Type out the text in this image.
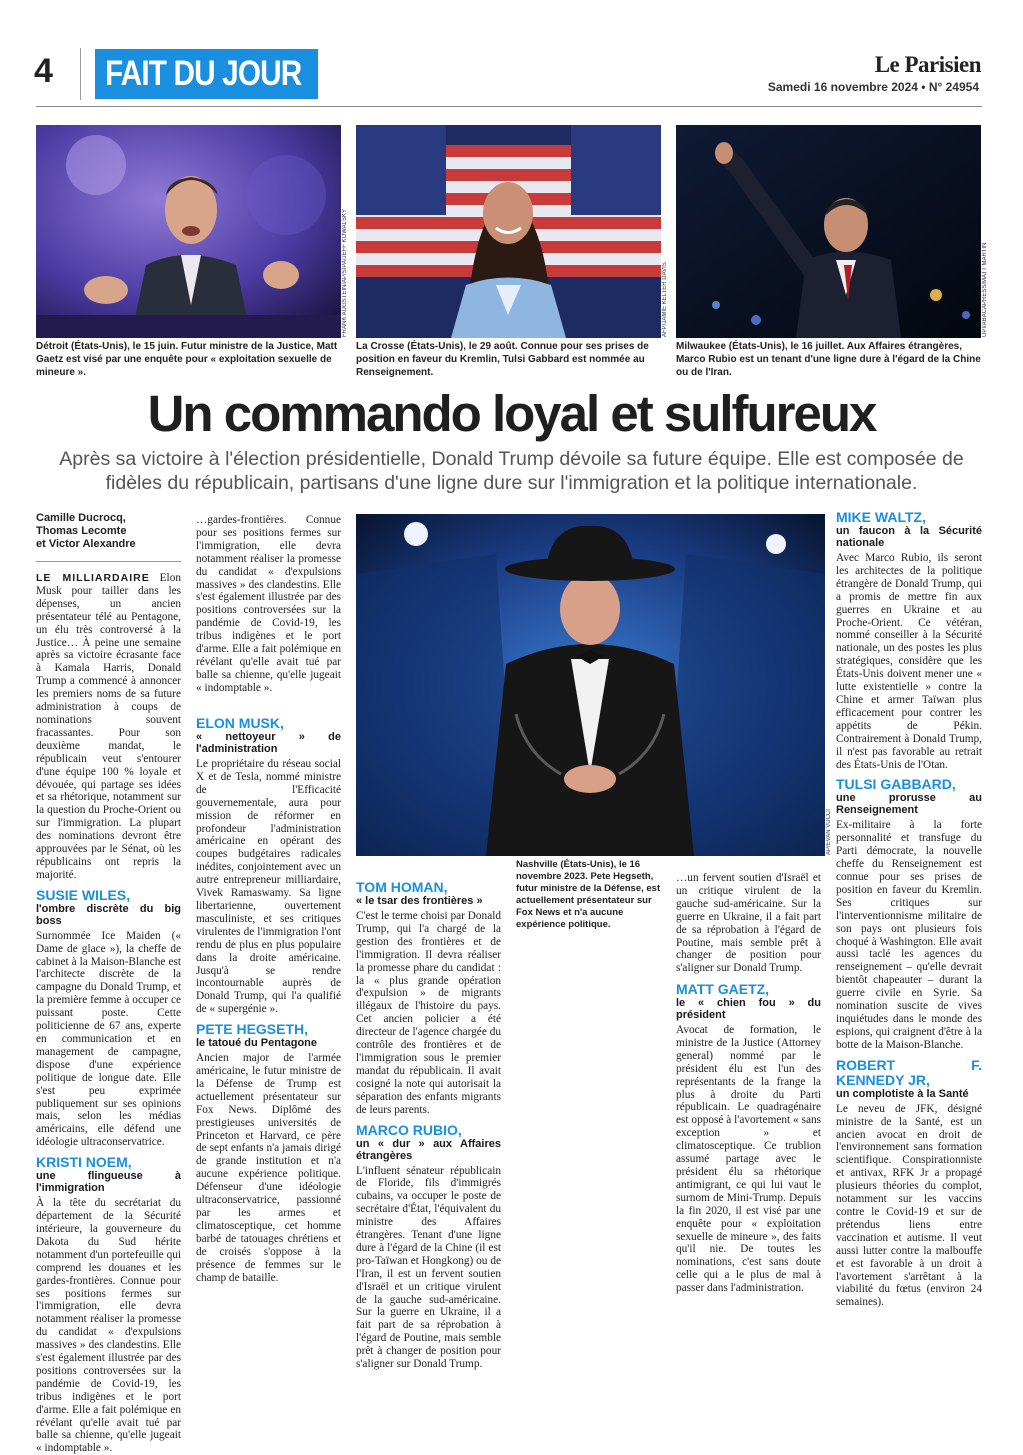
4 FAIT DU JOUR	Le Parisien
Samedi 16 novembre 2024 • N° 24954
FRANK AUGSTEIN/AP/SIPA/JEFF KOWALSKY
Détroit (États-Unis), le 15 juin. Futur ministre de la Justice, Matt Gaetz est visé par une enquête pour « exploitation sexuelle de mineure ».
AFP/JAMIE KELTER DAVIS
La Crosse (États-Unis), le 29 août. Connue pour ses prises de position en faveur du Kremlin, Tulsi Gabbard est nommée au Renseignement.
UPI/ABACAPRESS/MATT MARTIN
Milwaukee (États-Unis), le 16 juillet. Aux Affaires étrangères, Marco Rubio est un tenant d'une ligne dure à l'égard de la Chine ou de l'Iran.
Un commando loyal et sulfureux

Après sa victoire à l'élection présidentielle, Donald Trump dévoile sa future équipe. Elle est composée de fidèles du républicain, partisans d'une ligne dure sur l'immigration et la politique internationale.

Camille Ducrocq,
Thomas Lecomte
et Victor Alexandre

LE MILLIARDAIRE Elon Musk pour tailler dans les dépenses, un ancien présentateur télé au Pentagone, un élu très controversé à la Justice… À peine une semaine après sa victoire écrasante face à Kamala Harris, Donald Trump a commencé à annoncer les premiers noms de sa future administration à coups de nominations souvent fracassantes. Pour son deuxième mandat, le républicain veut s'entourer d'une équipe 100 % loyale et dévouée, qui partage ses idées et sa rhétorique, notamment sur la question du Proche-Orient ou sur l'immigration. La plupart des nominations devront être approuvées par le Sénat, où les républicains ont repris la majorité.

SUSIE WILES,
l'ombre discrète du big boss

Surnommée Ice Maiden (« Dame de glace »), la cheffe de cabinet à la Maison-Blanche est l'architecte discrète de la campagne du Donald Trump, et la première femme à occuper ce puissant poste. Cette politicienne de 67 ans, experte en communication et en management de campagne, dispose d'une expérience politique de longue date. Elle s'est peu exprimée publiquement sur ses opinions mais, selon les médias américains, elle défend une idéologie ultraconservatrice.

KRISTI NOEM,
une flingueuse à l'immigration

À la tête du secrétariat du département de la Sécurité intérieure, la gouverneure du Dakota du Sud hérite notamment d'un portefeuille qui comprend les douanes et les gardes-frontières. Connue pour ses positions fermes sur l'immigration, elle devra notamment réaliser la promesse du candidat « d'expulsions massives » des clandestins. Elle s'est également illustrée par des positions controversées sur la pandémie de Covid-19, les tribus indigènes et le port d'arme. Elle a fait polémique en révélant qu'elle avait tué par balle sa chienne, qu'elle jugeait « indomptable ».

…gardes-frontières. Connue pour ses positions fermes sur l'immigration, elle devra notamment réaliser la promesse du candidat « d'expulsions massives » des clandestins. Elle s'est également illustrée par des positions controversées sur la pandémie de Covid-19, les tribus indigènes et le port d'arme. Elle a fait polémique en révélant qu'elle avait tué par balle sa chienne, qu'elle jugeait « indomptable ».

ELON MUSK,
« nettoyeur » de l'administration

Le propriétaire du réseau social X et de Tesla, nommé ministre de l'Efficacité gouvernementale, aura pour mission de réformer en profondeur l'administration américaine en opérant des coupes budgétaires radicales inédites, conjointement avec un autre entrepreneur milliardaire, Vivek Ramaswamy. Sa ligne libertarienne, ouvertement masculiniste, et ses critiques virulentes de l'immigration l'ont rendu de plus en plus populaire dans la droite américaine. Jusqu'à se rendre incontournable auprès de Donald Trump, qui l'a qualifié de « supergénie ».

PETE HEGSETH,
le tatoué du Pentagone

Ancien major de l'armée américaine, le futur ministre de la Défense de Trump est actuellement présentateur sur Fox News. Diplômé des prestigieuses universités de Princeton et Harvard, ce père de sept enfants n'a jamais dirigé de grande institution et n'a aucune expérience politique. Défenseur d'une idéologie ultraconservatrice, passionné par les armes et climatosceptique, cet homme barbé de tatouages chrétiens et de croisés s'oppose à la présence de femmes sur le champ de bataille.

AP/EVAN VUCCI
Nashville (États-Unis), le 16 novembre 2023. Pete Hegseth, futur ministre de la Défense, est actuellement présentateur sur Fox News et n'a aucune expérience politique.
TOM HOMAN,
« le tsar des frontières »

C'est le terme choisi par Donald Trump, qui l'a chargé de la gestion des frontières et de l'immigration. Il devra réaliser la promesse phare du candidat : la « plus grande opération d'expulsion » de migrants illégaux de l'histoire du pays. Cet ancien policier a été directeur de l'agence chargée du contrôle des frontières et de l'immigration sous le premier mandat du républicain. Il avait cosigné la note qui autorisait la séparation des enfants migrants de leurs parents.

MARCO RUBIO,
un « dur » aux Affaires étrangères

L'influent sénateur républicain de Floride, fils d'immigrés cubains, va occuper le poste de secrétaire d'État, l'équivalent du ministre des Affaires étrangères. Tenant d'une ligne dure à l'égard de la Chine (il est pro-Taïwan et Hongkong) ou de l'Iran, il est un fervent soutien d'Israël et un critique virulent de la gauche sud-américaine. Sur la guerre en Ukraine, il a fait part de sa réprobation à l'égard de Poutine, mais semble prêt à changer de position pour s'aligner sur Donald Trump.

…un fervent soutien d'Israël et un critique virulent de la gauche sud-américaine. Sur la guerre en Ukraine, il a fait part de sa réprobation à l'égard de Poutine, mais semble prêt à changer de position pour s'aligner sur Donald Trump.

MATT GAETZ,
le « chien fou » du président

Avocat de formation, le ministre de la Justice (Attorney general) nommé par le président élu est l'un des représentants de la frange la plus à droite du Parti républicain. Le quadragénaire est opposé à l'avortement « sans exception » et climatosceptique. Ce trublion assumé partage avec le président élu sa rhétorique antimigrant, ce qui lui vaut le surnom de Mini-Trump. Depuis la fin 2020, il est visé par une enquête pour « exploitation sexuelle de mineure », des faits qu'il nie. De toutes les nominations, c'est sans doute celle qui a le plus de mal à passer dans l'administration.

MIKE WALTZ,
un faucon à la Sécurité nationale

Avec Marco Rubio, ils seront les architectes de la politique étrangère de Donald Trump, qui a promis de mettre fin aux guerres en Ukraine et au Proche-Orient. Ce vétéran, nommé conseiller à la Sécurité nationale, un des postes les plus stratégiques, considère que les États-Unis doivent mener une « lutte existentielle » contre la Chine et armer Taïwan plus efficacement pour contrer les appétits de Pékin. Contrairement à Donald Trump, il n'est pas favorable au retrait des États-Unis de l'Otan.

TULSI GABBARD,
une prorusse au Renseignement

Ex-militaire à la forte personnalité et transfuge du Parti démocrate, la nouvelle cheffe du Renseignement est connue pour ses prises de position en faveur du Kremlin. Ses critiques sur l'interventionnisme militaire de son pays ont plusieurs fois choqué à Washington. Elle avait aussi taclé les agences du renseignement – qu'elle devrait bientôt chapeauter – durant la guerre civile en Syrie. Sa nomination suscite de vives inquiétudes dans le monde des espions, qui craignent d'être à la botte de la Maison-Blanche.

ROBERT F. KENNEDY JR,
un complotiste à la Santé

Le neveu de JFK, désigné ministre de la Santé, est un ancien avocat en droit de l'environnement sans formation scientifique. Conspirationniste et antivax, RFK Jr a propagé plusieurs théories du complot, notamment sur les vaccins contre le Covid-19 et sur de prétendus liens entre vaccination et autisme. Il veut aussi lutter contre la malbouffe et est favorable à un droit à l'avortement s'arrêtant à la viabilité du fœtus (environ 24 semaines).
